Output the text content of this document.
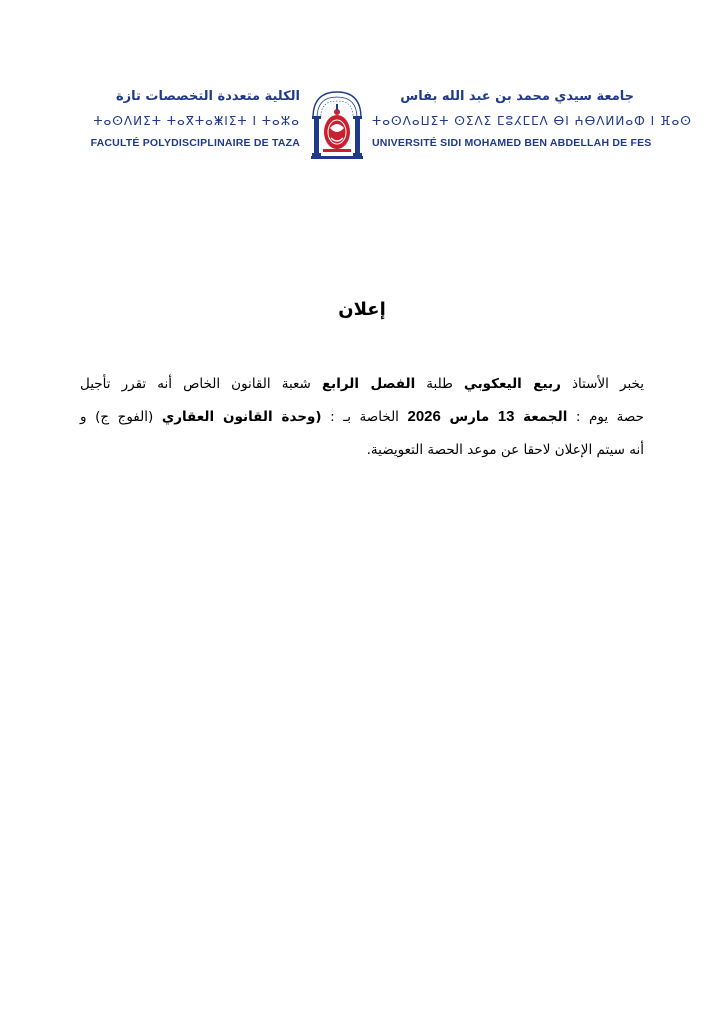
الكلية متعددة التخصصات تازة
ⵜⴰⵙⴷⵍⵉⵜ ⵜⴰⴳⵜⴰⵥⵏⵉⵜ ⵏ ⵜⴰⵣⴰ
FACULTÉ POLYDISCIPLINAIRE DE TAZA
جامعة سيدي محمد بن عبد الله بفاس
ⵜⴰⵙⴷⴰⵡⵉⵜ ⵙⵉⴷⵉ ⵎⵓⵃⵎⵎⴷ ⴱⵏ ⵄⴱⴷⵍⵍⴰⵀ ⵏ ⴼⴰⵙ
UNIVERSITÉ SIDI MOHAMED BEN ABDELLAH DE FES
إعلان
يخبر الأستاذ ربيع اليعكوبي طلبة الفصل الرابع شعبة القانون الخاص أنه تقرر تأجيل
حصة يوم : الجمعة 13 مارس 2026 الخاصة بـ : (وحدة القانون العقاري (الفوج ج) و
أنه سيتم الإعلان لاحقا عن موعد الحصة التعويضية.
